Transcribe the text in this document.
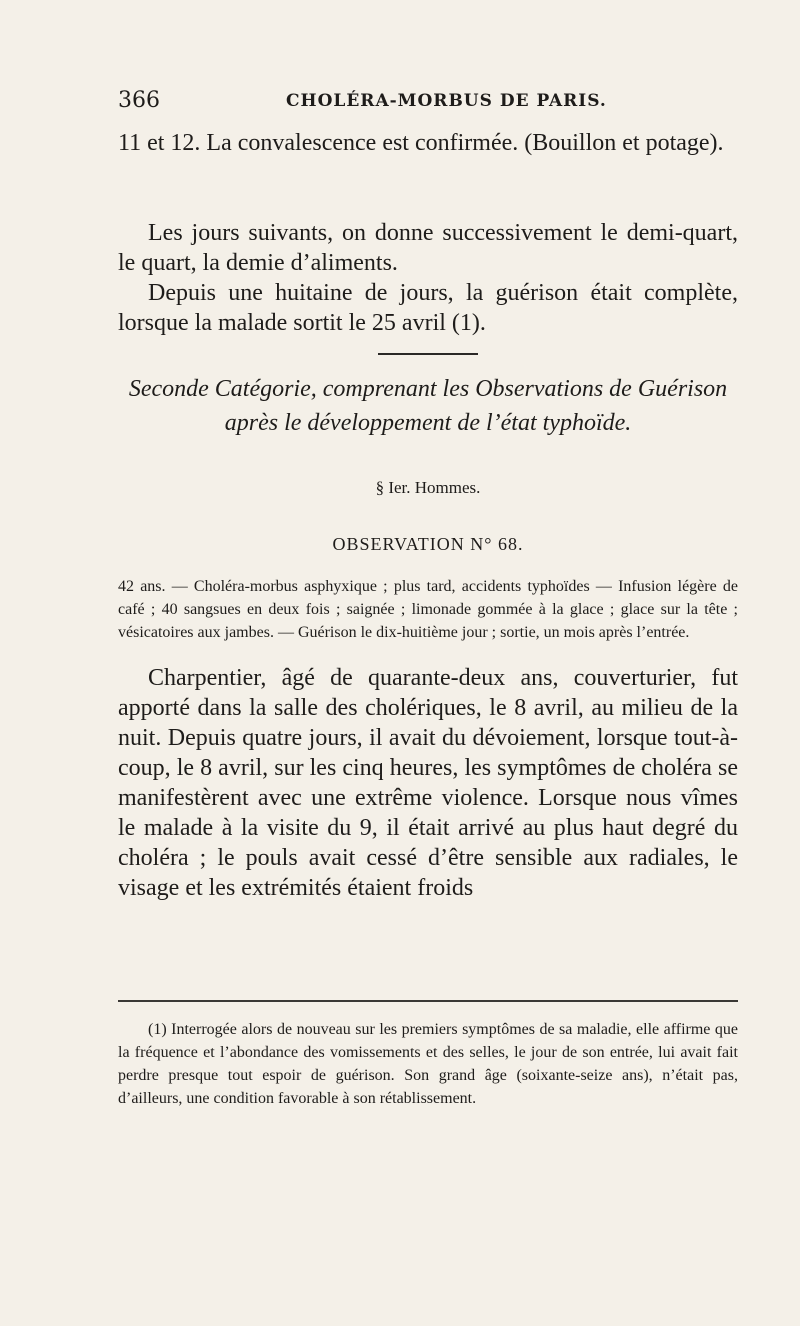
366	CHOLÉRA-MORBUS DE PARIS.

11 et 12. La convalescence est confirmée. (Bouillon et potage).

Les jours suivants, on donne successivement le demi-quart, le quart, la demie d’aliments.

Depuis une huitaine de jours, la guérison était complète, lorsque la malade sortit le 25 avril (1).

Seconde Catégorie, comprenant les Observations de Guérison après le développement de l’état typhoïde.
§ Ier. Hommes.
OBSERVATION N° 68.

42 ans. — Choléra-morbus asphyxique ; plus tard, accidents typhoïdes — Infusion légère de café ; 40 sangsues en deux fois ; saignée ; limonade gommée à la glace ; glace sur la tête ; vésicatoires aux jambes. — Guérison le dix-huitième jour ; sortie, un mois après l’entrée.

Charpentier, âgé de quarante-deux ans, couverturier, fut apporté dans la salle des cholériques, le 8 avril, au milieu de la nuit. Depuis quatre jours, il avait du dévoiement, lorsque tout-à-coup, le 8 avril, sur les cinq heures, les symptômes de choléra se manifestèrent avec une extrême violence. Lorsque nous vîmes le malade à la visite du 9, il était arrivé au plus haut degré du choléra ; le pouls avait cessé d’être sensible aux radiales, le visage et les extrémités étaient froids

(1) Interrogée alors de nouveau sur les premiers symptômes de sa maladie, elle affirme que la fréquence et l’abondance des vomissements et des selles, le jour de son entrée, lui avait fait perdre presque tout espoir de guérison. Son grand âge (soixante-seize ans), n’était pas, d’ailleurs, une condition favorable à son rétablissement.
